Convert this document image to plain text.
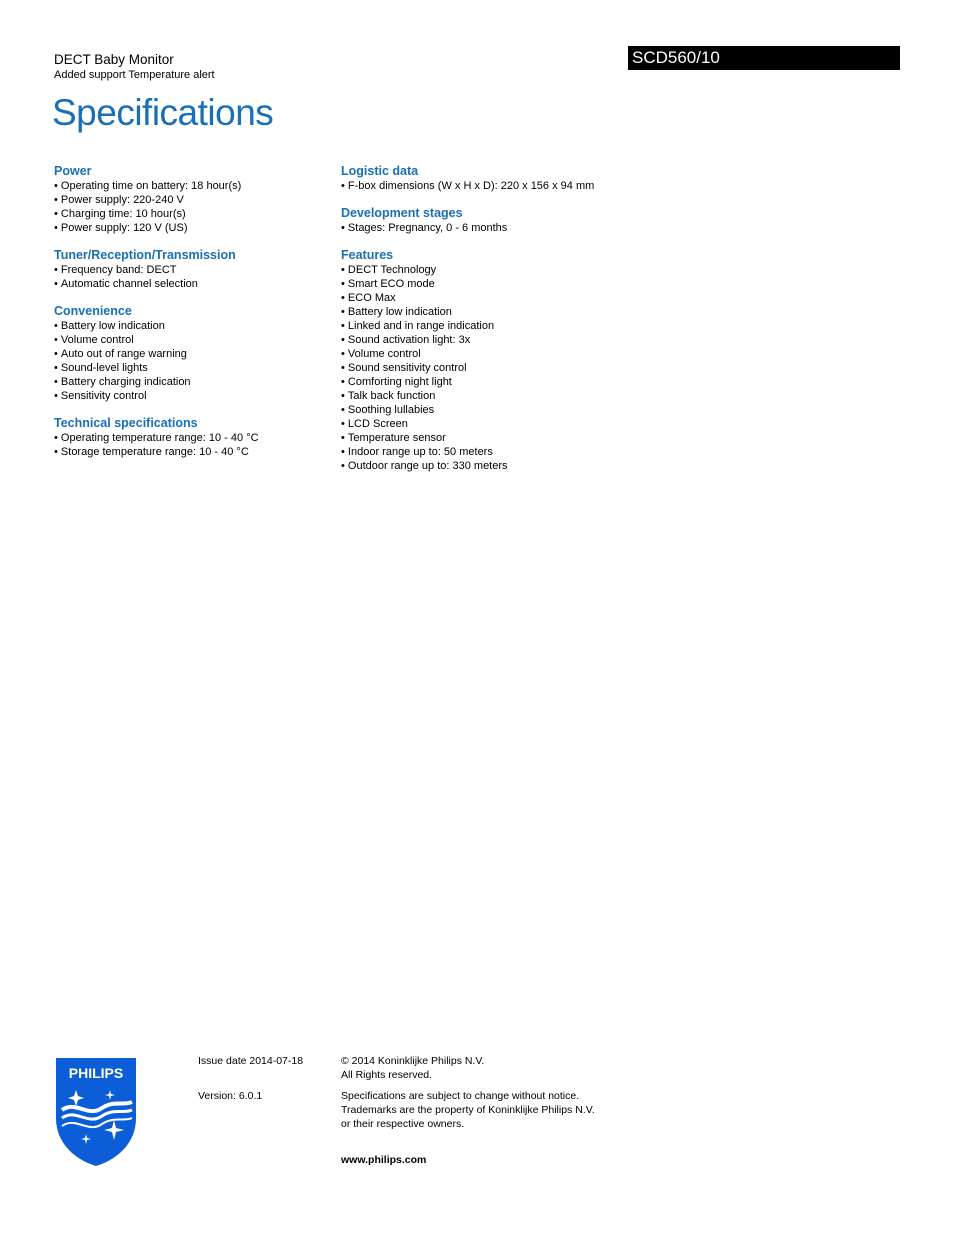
DECT Baby Monitor
Added support Temperature alert
SCD560/10
Specifications
Power
• Operating time on battery: 18 hour(s)
• Power supply: 220-240 V
• Charging time: 10 hour(s)
• Power supply: 120 V (US)
Tuner/Reception/Transmission
• Frequency band: DECT
• Automatic channel selection
Convenience
• Battery low indication
• Volume control
• Auto out of range warning
• Sound-level lights
• Battery charging indication
• Sensitivity control
Technical specifications
• Operating temperature range: 10 - 40 °C
• Storage temperature range: 10 - 40 °C
Logistic data
• F-box dimensions (W x H x D): 220 x 156 x 94 mm
Development stages
• Stages: Pregnancy, 0 - 6 months
Features
• DECT Technology
• Smart ECO mode
• ECO Max
• Battery low indication
• Linked and in range indication
• Sound activation light: 3x
• Volume control
• Sound sensitivity control
• Comforting night light
• Talk back function
• Soothing lullabies
• LCD Screen
• Temperature sensor
• Indoor range up to: 50 meters
• Outdoor range up to: 330 meters
PHILIPS
Issue date 2014-07-18
Version: 6.0.1
© 2014 Koninklijke Philips N.V.
All Rights reserved.
Specifications are subject to change without notice.
Trademarks are the property of Koninklijke Philips N.V.
or their respective owners.
www.philips.com
